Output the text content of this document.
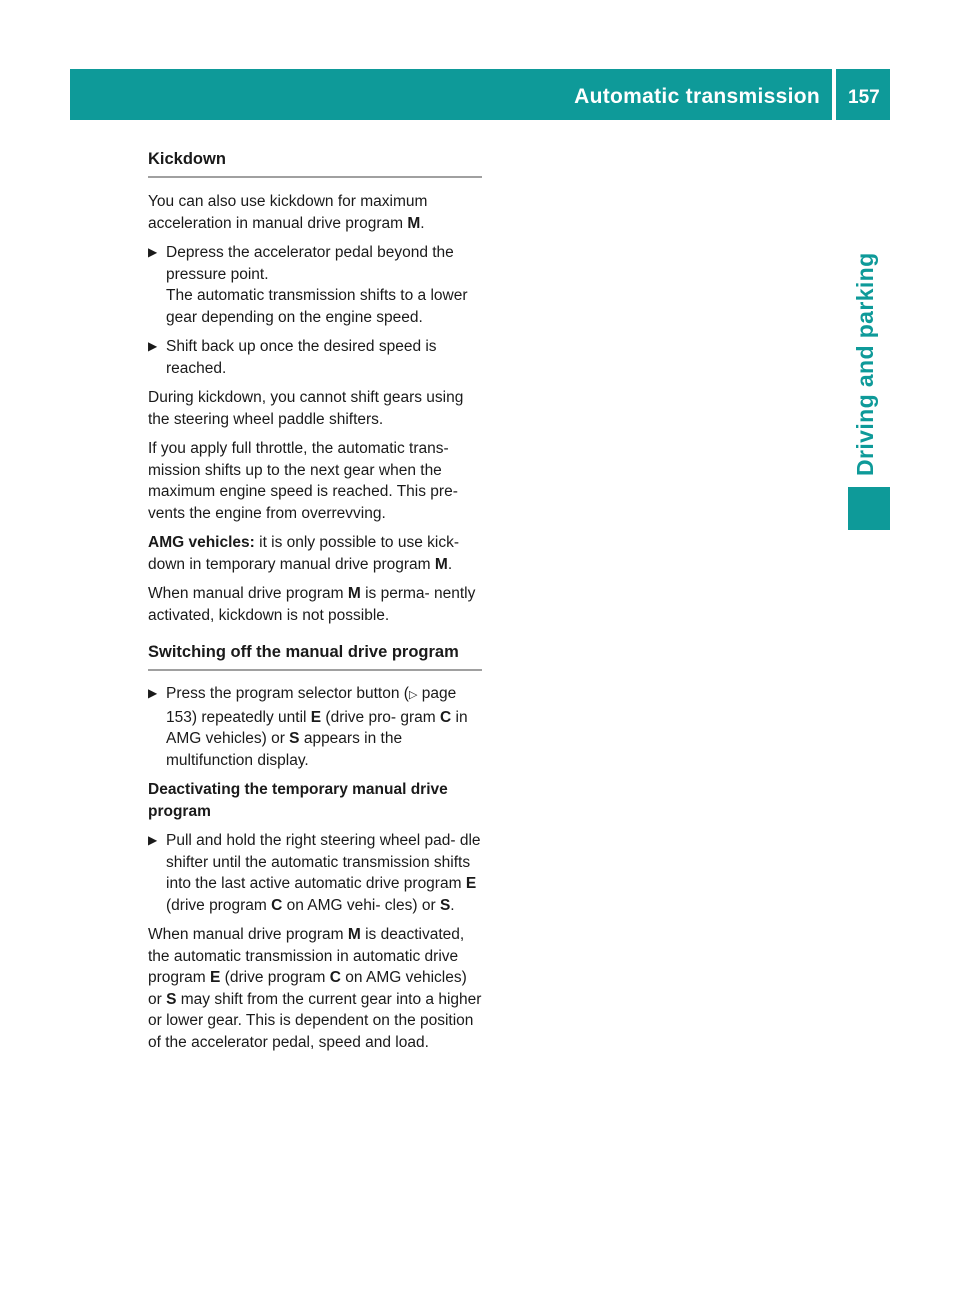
Automatic transmission 157
Driving and parking
Kickdown

You can also use kickdown for maximum acceleration in manual drive program M.

▶ Depress the accelerator pedal beyond the pressure point.
The automatic transmission shifts to a lower gear depending on the engine speed.
▶ Shift back up once the desired speed is reached.

During kickdown, you cannot shift gears using the steering wheel paddle shifters.

If you apply full throttle, the automatic trans- mission shifts up to the next gear when the maximum engine speed is reached. This pre- vents the engine from overrevving.

AMG vehicles: it is only possible to use kick- down in temporary manual drive program M.

When manual drive program M is perma- nently activated, kickdown is not possible.

Switching off the manual drive program
▶ Press the program selector button (▷ page 153) repeatedly until E (drive pro- gram C in AMG vehicles) or S appears in the multifunction display.
Deactivating the temporary manual drive program
▶ Pull and hold the right steering wheel pad- dle shifter until the automatic transmission shifts into the last active automatic drive program E (drive program C on AMG vehi- cles) or S.

When manual drive program M is deactivated, the automatic transmission in automatic drive program E (drive program C on AMG vehicles) or S may shift from the current gear into a higher or lower gear. This is dependent on the position of the accelerator pedal, speed and load.
